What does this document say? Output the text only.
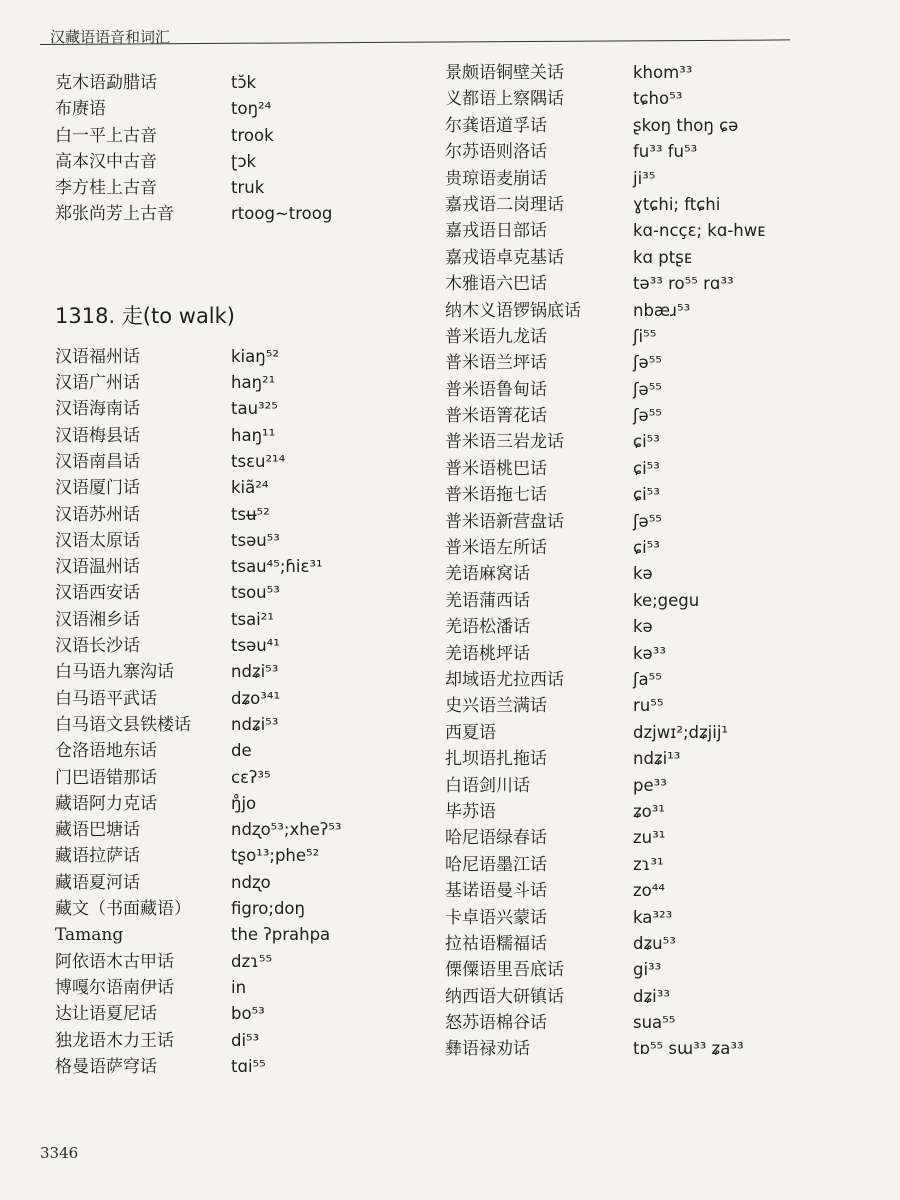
汉藏语语音和词汇
克木语勐腊话	tɔ̆k
布赓语	toŋ²⁴
白一平上古音	trook
高本汉中古音	ʈɔk
李方桂上古音	truk
郑张尚芳上古音	rtoog~troog
1318. 走(to walk)
汉语福州话	kiaŋ⁵²
汉语广州话	haŋ²¹
汉语海南话	tau³²⁵
汉语梅县话	haŋ¹¹
汉语南昌话	tsɛu²¹⁴
汉语厦门话	kiã²⁴
汉语苏州话	tsʉ⁵²
汉语太原话	tsəu⁵³
汉语温州话	tsau⁴⁵;ɦiɛ³¹
汉语西安话	tsou⁵³
汉语湘乡话	tsai²¹
汉语长沙话	tsəu⁴¹
白马语九寨沟话	ndʑi⁵³
白马语平武话	dʑo³⁴¹
白马语文县铁楼话 ndʑi⁵³
仓洛语地东话	de
门巴语错那话	cɛʔ³⁵
藏语阿力克话	ŋ̊jo
藏语巴塘话	ndʐo⁵³;xheʔ⁵³
藏语拉萨话	tʂo¹³;phe⁵²
藏语夏河话	ndʐo
藏文（书面藏语） figro;doŋ
Tamang	the ʔprahpa
阿依语木古甲话	dzɿ⁵⁵
博嘎尔语南伊话	in
达让语夏尼话	bo⁵³
独龙语木力王话	di⁵³
格曼语萨穹话	tɑi⁵⁵
景颇语铜壁关话	khom³³
义都语上察隅话	tɕho⁵³
尔龚语道孚话	ʂkoŋ thoŋ ɕə
尔苏语则洛话	fu³³ fu⁵³
贵琼语麦崩话	ji³⁵
嘉戎语二岗理话	ɣtɕhi; ftɕhi
嘉戎语日部话	kɑ-ncçɛ; kɑ-hwᴇ
嘉戎语卓克基话	kɑ ptʂᴇ
木雅语六巴话	tə³³ ro⁵⁵ rɑ³³
纳木义语锣锅底话	nbæɹ⁵³
普米语九龙话	ʃi⁵⁵
普米语兰坪话	ʃə⁵⁵
普米语鲁甸话	ʃə⁵⁵
普米语箐花话	ʃə⁵⁵
普米语三岩龙话	ɕi⁵³
普米语桃巴话	ɕi⁵³
普米语拖七话	ɕi⁵³
普米语新营盘话	ʃə⁵⁵
普米语左所话	ɕi⁵³
羌语麻窝话	kə
羌语蒲西话	ke;gegu
羌语松潘话	kə
羌语桃坪话	kə³³
却域语尤拉西话	ʃa⁵⁵
史兴语兰满话	ru⁵⁵
西夏语	dzjwɪ²;dʑjij¹
扎坝语扎拖话	ndʑi¹³
白语剑川话	pe³³
毕苏语	ʑo³¹
哈尼语绿春话	zu³¹
哈尼语墨江话	zɿ³¹
基诺语曼斗话	zo⁴⁴
卡卓语兴蒙话	ka³²³
拉祜语糯福话	dʑu⁵³
傈僳语里吾底话	gi³³
纳西语大研镇话	dʑi³³
怒苏语棉谷话	sua⁵⁵
彝语禄劝话	tɒ⁵⁵ sɯ³³ ʑa³³
3346
